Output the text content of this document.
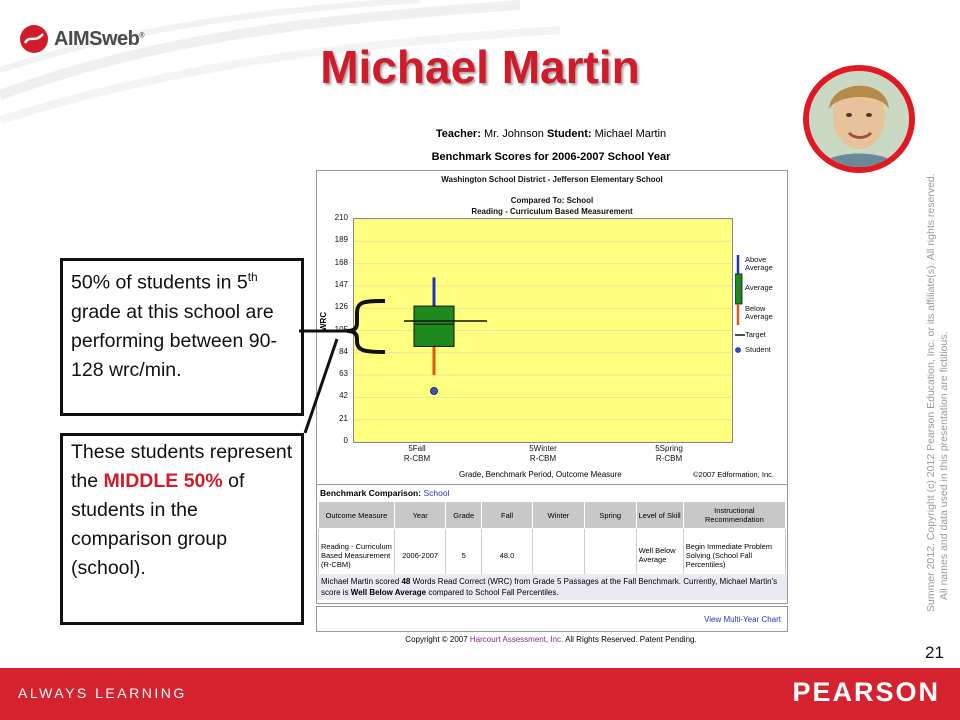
AIMSweb®
Michael Martin
Summer 2012. Copyright (c) 2012 Pearson Education, Inc. or its affiliate(s). All rights reserved. All names and data used in this presentation are fictitious.
Teacher: Mr. Johnson Student: Michael Martin
Benchmark Scores for 2006-2007 School Year
Washington School District - Jefferson Elementary School
Compared To: School
Reading - Curriculum Based Measurement
0
21
42
63
84
105
126
147
168
189
210
WRC
5Fall
R-CBM
5Winter
R-CBM
5Spring
R-CBM
Grade, Benchmark Period, Outcome Measure	©2007 Edformation, Inc.
Above
Average
Average
Below
Average
Target
Student
Benchmark Comparison: School
Outcome Measure	Year	Grade	Fall	Winter	Spring	Level of Skill	Instructional Recommendation
Reading - Curriculum Based Measurement (R-CBM)	2006-2007	5	48.0			Well Below Average	Begin Immediate Problem Solving (School Fall Percentiles)
Michael Martin scored 48 Words Read Correct (WRC) from Grade 5 Passages at the Fall Benchmark. Currently, Michael Martin's score is Well Below Average compared to School Fall Percentiles.
View Multi-Year Chart
Copyright © 2007 Harcourt Assessment, Inc. All Rights Reserved. Patent Pending.
50% of students in 5th grade at this school are performing between 90-128 wrc/min.
These students represent the MIDDLE 50% of students in the comparison group (school).
21
ALWAYS LEARNING	PEARSON
